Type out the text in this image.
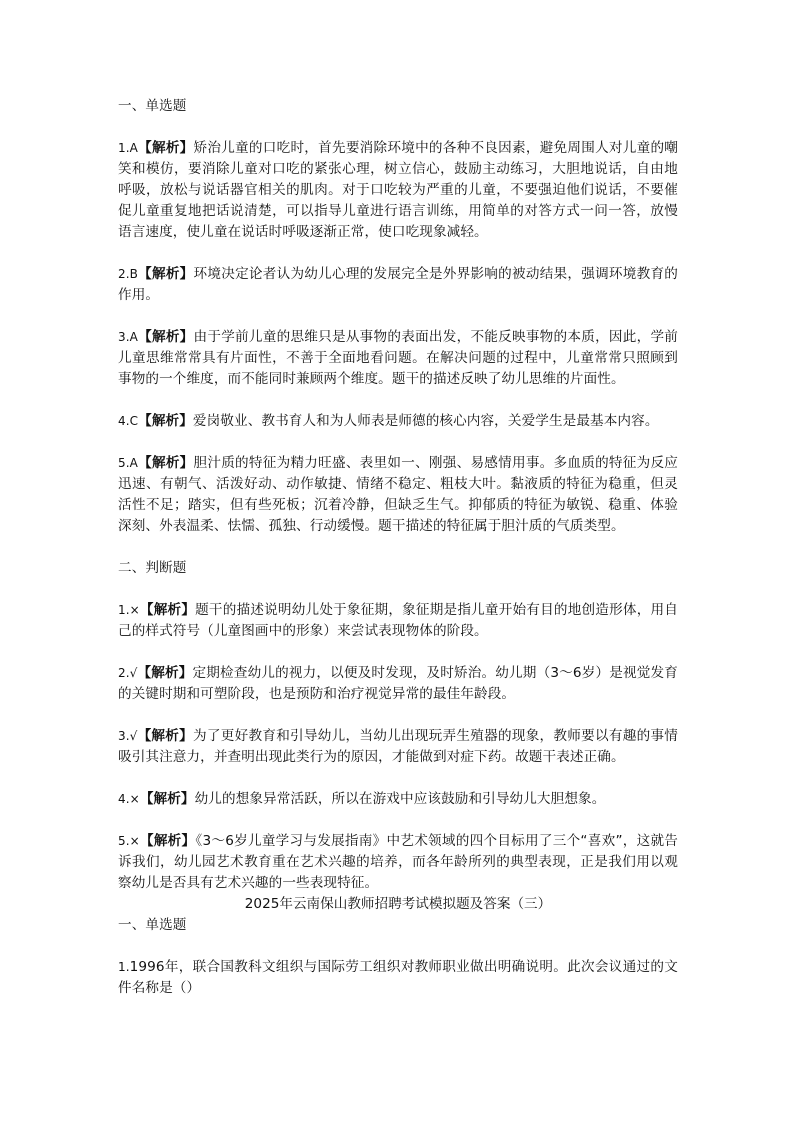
一、单选题

1.A【解析】矫治儿童的口吃时，首先要消除环境中的各种不良因素，避免周围人对儿童的嘲笑和模仿，要消除儿童对口吃的紧张心理，树立信心，鼓励主动练习，大胆地说话，自由地呼吸，放松与说话器官相关的肌肉。对于口吃较为严重的儿童，不要强迫他们说话，不要催促儿童重复地把话说清楚，可以指导儿童进行语言训练，用简单的对答方式一问一答，放慢语言速度，使儿童在说话时呼吸逐渐正常，使口吃现象减轻。

2.B【解析】环境决定论者认为幼儿心理的发展完全是外界影响的被动结果，强调环境教育的作用。

3.A【解析】由于学前儿童的思维只是从事物的表面出发，不能反映事物的本质，因此，学前儿童思维常常具有片面性，不善于全面地看问题。在解决问题的过程中，儿童常常只照顾到事物的一个维度，而不能同时兼顾两个维度。题干的描述反映了幼儿思维的片面性。

4.C【解析】爱岗敬业、教书育人和为人师表是师德的核心内容，关爱学生是最基本内容。

5.A【解析】胆汁质的特征为精力旺盛、表里如一、刚强、易感情用事。多血质的特征为反应迅速、有朝气、活泼好动、动作敏捷、情绪不稳定、粗枝大叶。黏液质的特征为稳重，但灵活性不足；踏实，但有些死板；沉着冷静，但缺乏生气。抑郁质的特征为敏锐、稳重、体验深刻、外表温柔、怯懦、孤独、行动缓慢。题干描述的特征属于胆汁质的气质类型。

二、判断题

1.×【解析】题干的描述说明幼儿处于象征期，象征期是指儿童开始有目的地创造形体，用自己的样式符号（儿童图画中的形象）来尝试表现物体的阶段。

2.√【解析】定期检查幼儿的视力，以便及时发现，及时矫治。幼儿期（3～6岁）是视觉发育的关键时期和可塑阶段，也是预防和治疗视觉异常的最佳年龄段。

3.√【解析】为了更好教育和引导幼儿，当幼儿出现玩弄生殖器的现象，教师要以有趣的事情吸引其注意力，并查明出现此类行为的原因，才能做到对症下药。故题干表述正确。

4.×【解析】幼儿的想象异常活跃，所以在游戏中应该鼓励和引导幼儿大胆想象。

5.×【解析】《3～6岁儿童学习与发展指南》中艺术领域的四个目标用了三个“喜欢”，这就告诉我们，幼儿园艺术教育重在艺术兴趣的培养，而各年龄所列的典型表现，正是我们用以观察幼儿是否具有艺术兴趣的一些表现特征。

2025年云南保山教师招聘考试模拟题及答案（三）

一、单选题

1.1996年，联合国教科文组织与国际劳工组织对教师职业做出明确说明。此次会议通过的文件名称是（）
